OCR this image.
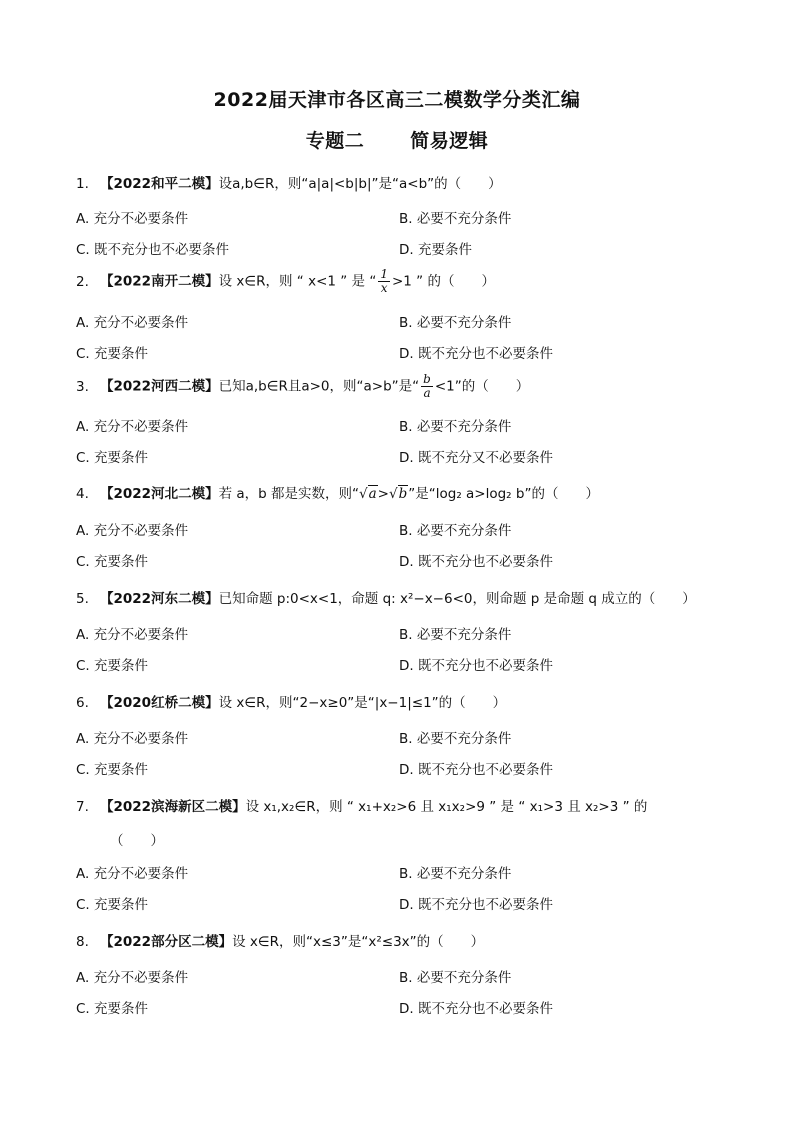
2022届天津市各区高三二模数学分类汇编
专题二 简易逻辑
1. 【2022和平二模】设a,b∈R，则“a|a|<b|b|”是“a<b”的（　　）
A. 充分不必要条件	B. 必要不充分条件
C. 既不充分也不必要条件	D. 充要条件
2. 【2022南开二模】设 x∈R，则 “ x<1 ” 是 “ $\frac{1}{x} >1$ ” 的（　　）
A. 充分不必要条件	B. 必要不充分条件
C. 充要条件	D. 既不充分也不必要条件
3. 【2022河西二模】已知a,b∈R且a>0，则“a>b”是“ $\frac{b}{a} <1$”的（　　）
A. 充分不必要条件	B. 必要不充分条件
C. 充要条件	D. 既不充分又不必要条件
4. 【2022河北二模】若 a，b 都是实数，则“√a>√b”是“log₂ a>log₂ b”的（　　）
A. 充分不必要条件	B. 必要不充分条件
C. 充要条件	D. 既不充分也不必要条件
5. 【2022河东二模】已知命题 p:0<x<1，命题 q: x²−x−6<0，则命题 p 是命题 q 成立的（　　）
A. 充分不必要条件	B. 必要不充分条件
C. 充要条件	D. 既不充分也不必要条件
6. 【2020红桥二模】设 x∈R，则“2−x≥0”是“|x−1|≤1”的（　　）
A. 充分不必要条件	B. 必要不充分条件
C. 充要条件	D. 既不充分也不必要条件
7. 【2022滨海新区二模】设 x₁,x₂∈R，则 “ x₁+x₂>6 且 x₁x₂>9 ” 是 “ x₁>3 且 x₂>3 ” 的
（　　）
A. 充分不必要条件	B. 必要不充分条件
C. 充要条件	D. 既不充分也不必要条件
8. 【2022部分区二模】设 x∈R，则“x≤3”是“x²≤3x”的（　　）
A. 充分不必要条件	B. 必要不充分条件
C. 充要条件	D. 既不充分也不必要条件
